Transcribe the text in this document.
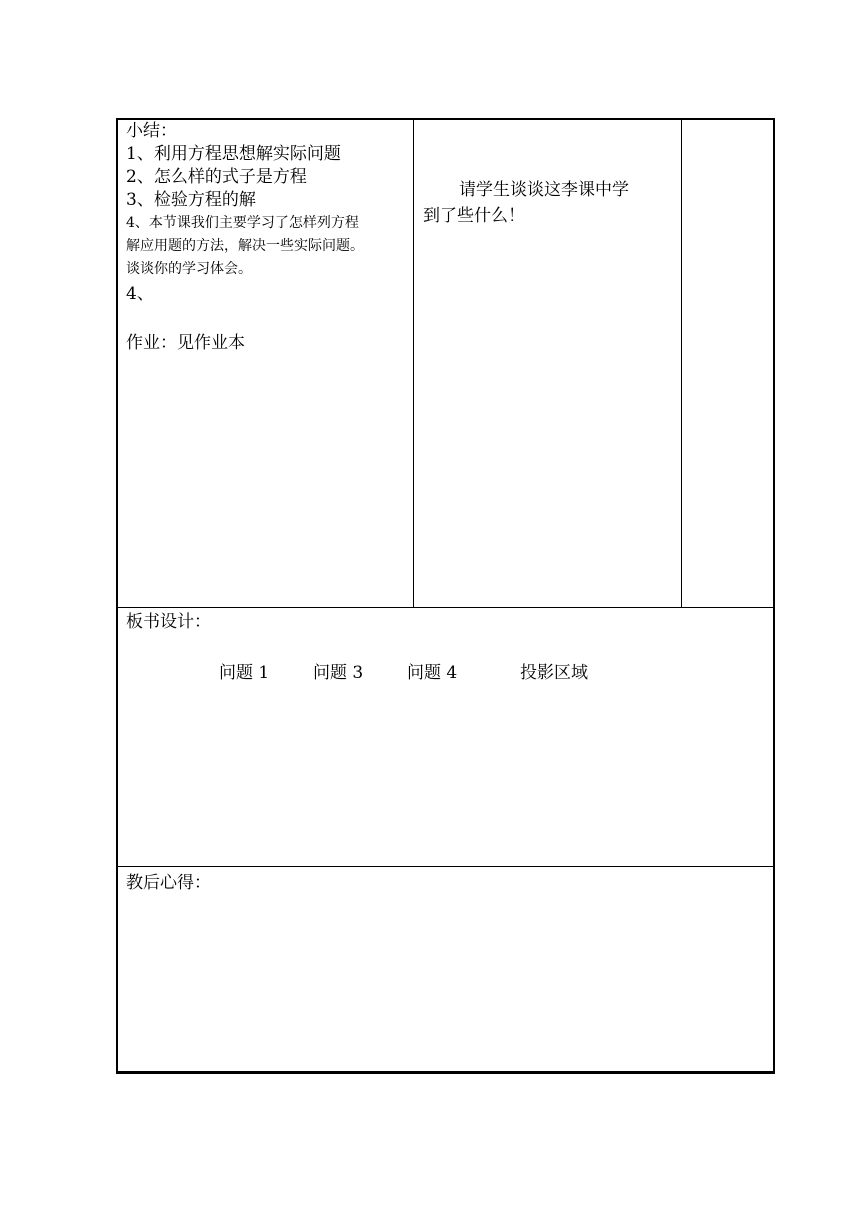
小结：
1、利用方程思想解实际问题
2、怎么样的式子是方程
3、检验方程的解
4、本节课我们主要学习了怎样列方程
解应用题的方法，解决一些实际问题。
谈谈你的学习体会。
4、
作业：见作业本
请学生谈谈这李课中学
到了些什么！
板书设计：
问题 1	问题 3	问题 4	投影区域
教后心得：
